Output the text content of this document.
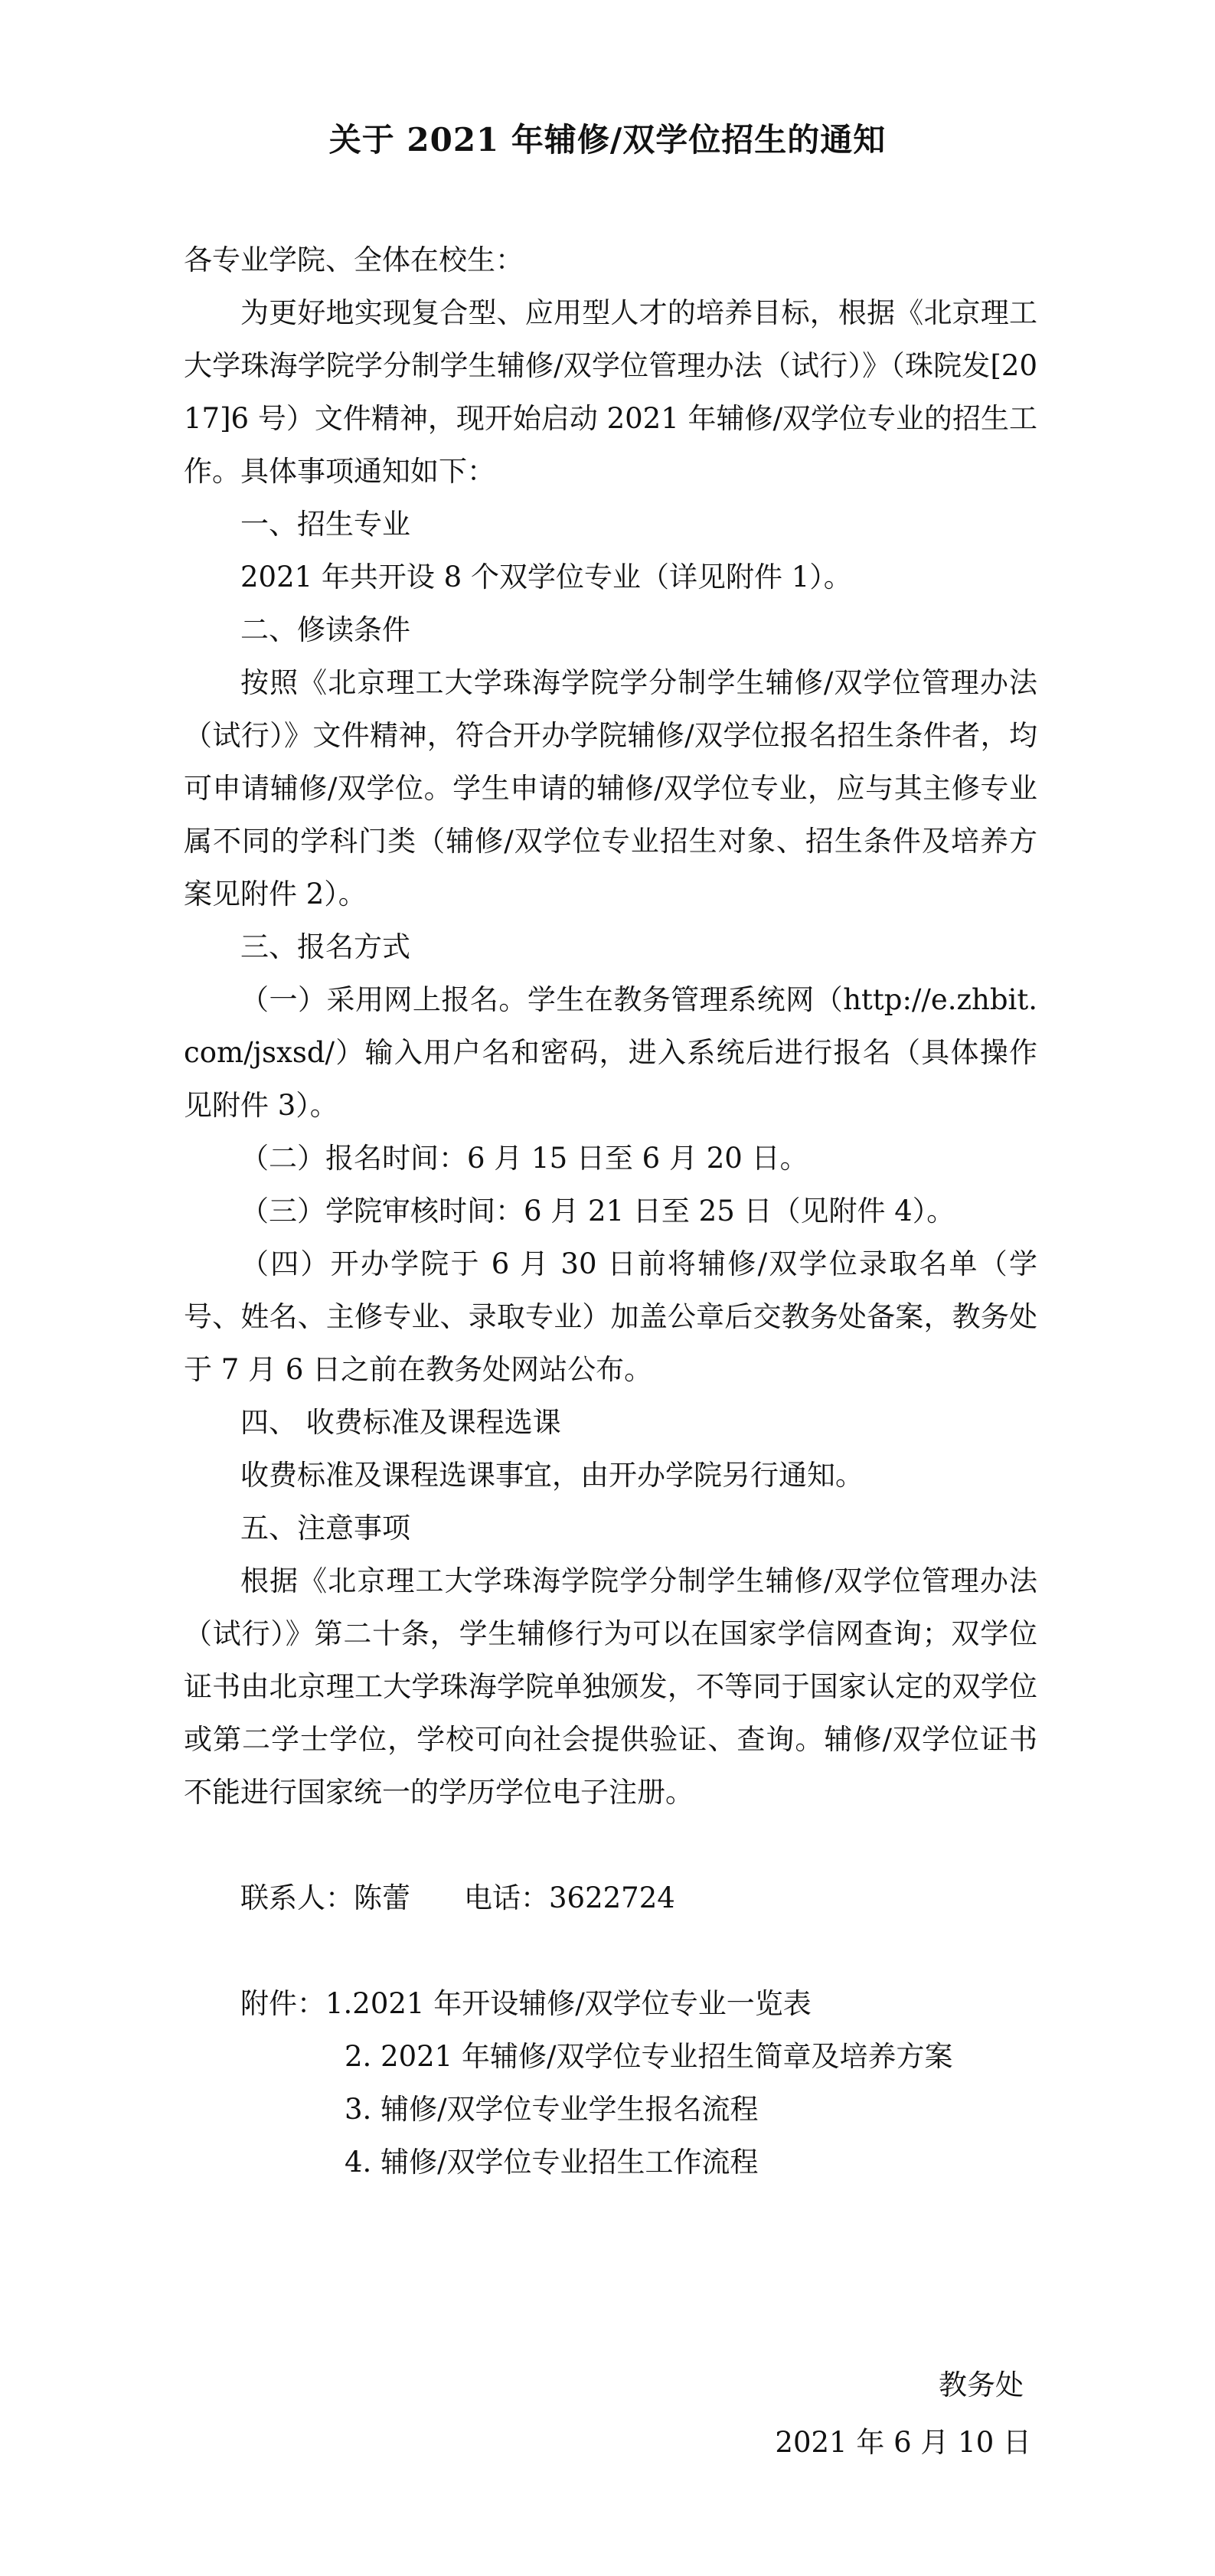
关于 2021 年辅修/双学位招生的通知

各专业学院、全体在校生：

为更好地实现复合型、应用型人才的培养目标，根据《北京理工大学珠海学院学分制学生辅修/双学位管理办法（试行）》（珠院发[2017]6 号）文件精神，现开始启动 2021 年辅修/双学位专业的招生工作。具体事项通知如下：

一、招生专业

2021 年共开设 8 个双学位专业（详见附件 1）。

二、修读条件

按照《北京理工大学珠海学院学分制学生辅修/双学位管理办法（试行）》文件精神，符合开办学院辅修/双学位报名招生条件者，均可申请辅修/双学位。学生申请的辅修/双学位专业，应与其主修专业属不同的学科门类（辅修/双学位专业招生对象、招生条件及培养方案见附件 2）。

三、报名方式

（一）采用网上报名。学生在教务管理系统网（http://e.zhbit.com/jsxsd/）输入用户名和密码，进入系统后进行报名（具体操作见附件 3）。

（二）报名时间：6 月 15 日至 6 月 20 日。

（三）学院审核时间：6 月 21 日至 25 日（见附件 4）。

（四）开办学院于 6 月 30 日前将辅修/双学位录取名单（学号、姓名、主修专业、录取专业）加盖公章后交教务处备案，教务处于 7 月 6 日之前在教务处网站公布。

四、 收费标准及课程选课

收费标准及课程选课事宜，由开办学院另行通知。

五、注意事项

根据《北京理工大学珠海学院学分制学生辅修/双学位管理办法（试行）》第二十条，学生辅修行为可以在国家学信网查询；双学位证书由北京理工大学珠海学院单独颁发，不等同于国家认定的双学位或第二学士学位，学校可向社会提供验证、查询。辅修/双学位证书不能进行国家统一的学历学位电子注册。

联系人：陈蕾 电话：3622724

附件：1.2021 年开设辅修/双学位专业一览表

2. 2021 年辅修/双学位专业招生简章及培养方案

3. 辅修/双学位专业学生报名流程

4. 辅修/双学位专业招生工作流程

教务处
2021 年 6 月 10 日
